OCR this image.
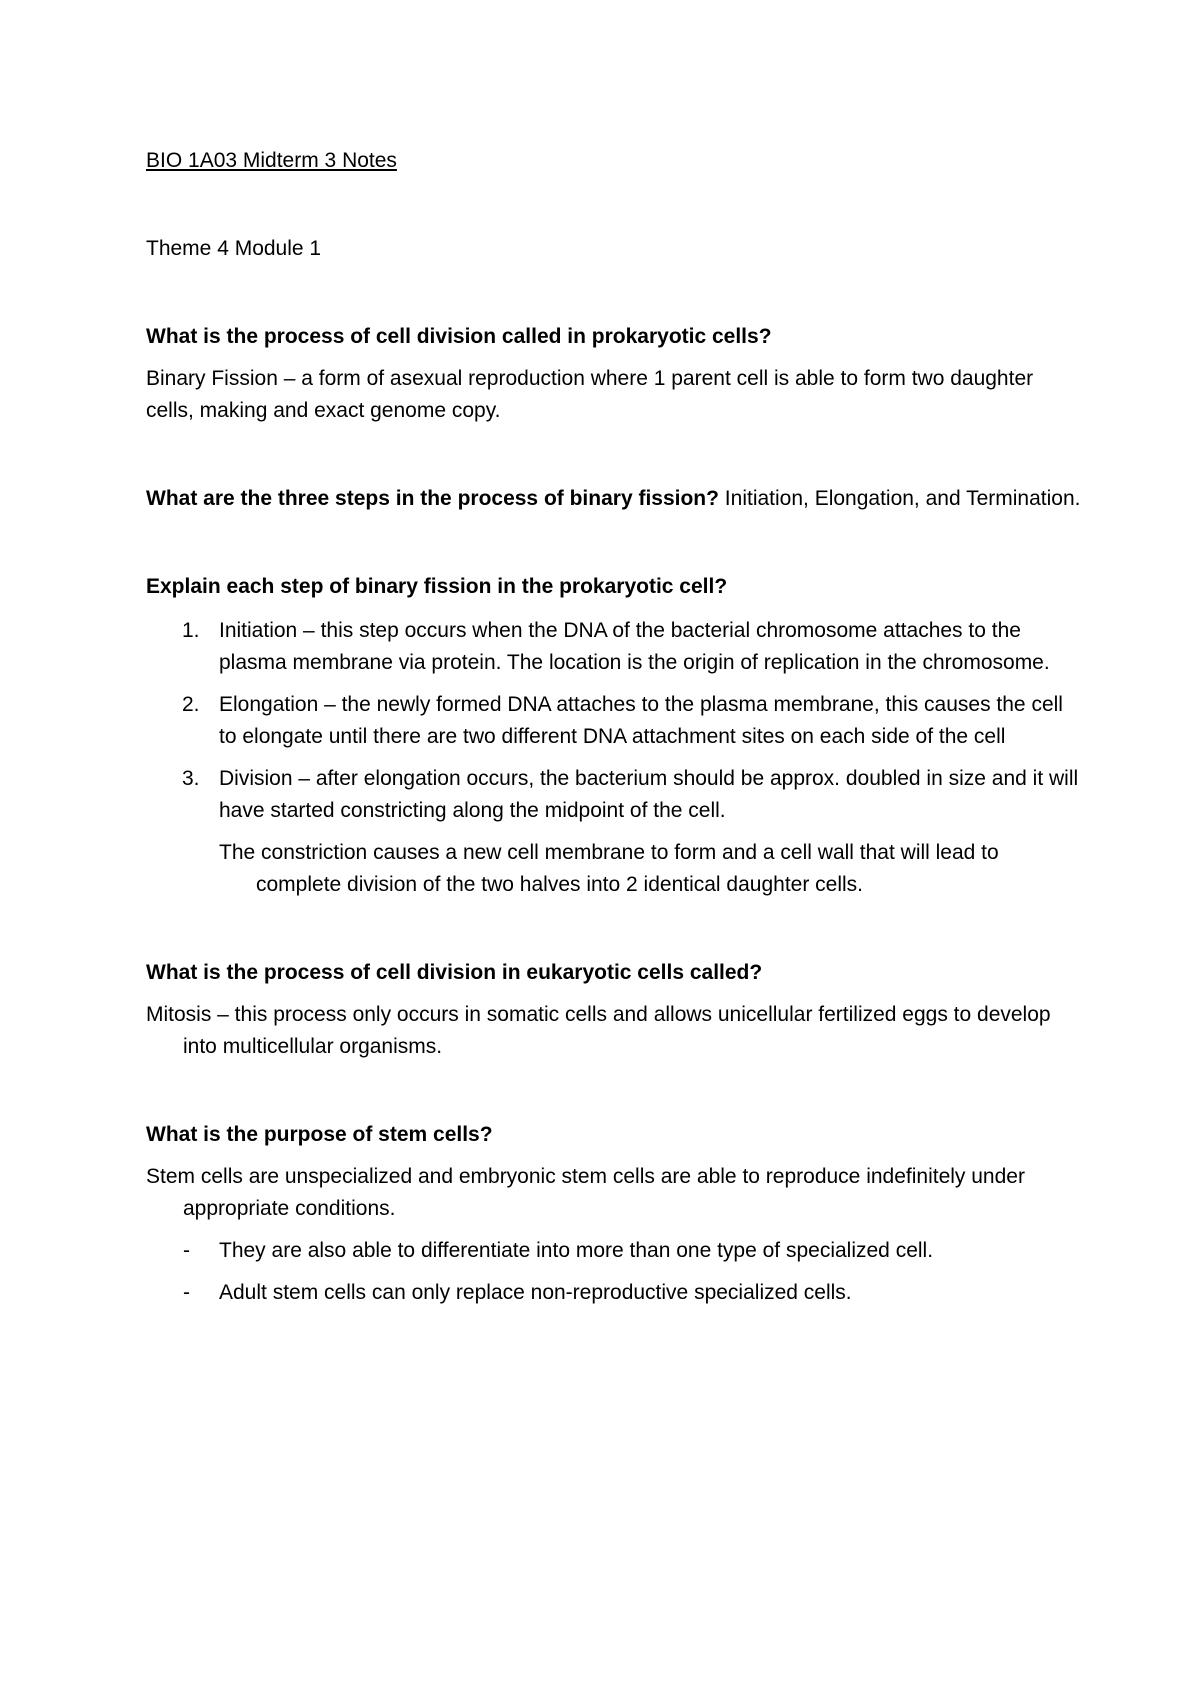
BIO 1A03 Midterm 3 Notes

Theme 4 Module 1

What is the process of cell division called in prokaryotic cells?

Binary Fission – a form of asexual reproduction where 1 parent cell is able to form two daughter cells, making and exact genome copy.

What are the three steps in the process of binary fission? Initiation, Elongation, and Termination.

Explain each step of binary fission in the prokaryotic cell?

1. Initiation – this step occurs when the DNA of the bacterial chromosome attaches to the plasma membrane via protein. The location is the origin of replication in the chromosome.
2. Elongation – the newly formed DNA attaches to the plasma membrane, this causes the cell to elongate until there are two different DNA attachment sites on each side of the cell
3. Division – after elongation occurs, the bacterium should be approx. doubled in size and it will have started constricting along the midpoint of the cell.

The constriction causes a new cell membrane to form and a cell wall that will lead to complete division of the two halves into 2 identical daughter cells.

What is the process of cell division in eukaryotic cells called?

Mitosis – this process only occurs in somatic cells and allows unicellular fertilized eggs to develop into multicellular organisms.

What is the purpose of stem cells?

Stem cells are unspecialized and embryonic stem cells are able to reproduce indefinitely under appropriate conditions.

- They are also able to differentiate into more than one type of specialized cell.
- Adult stem cells can only replace non-reproductive specialized cells.
